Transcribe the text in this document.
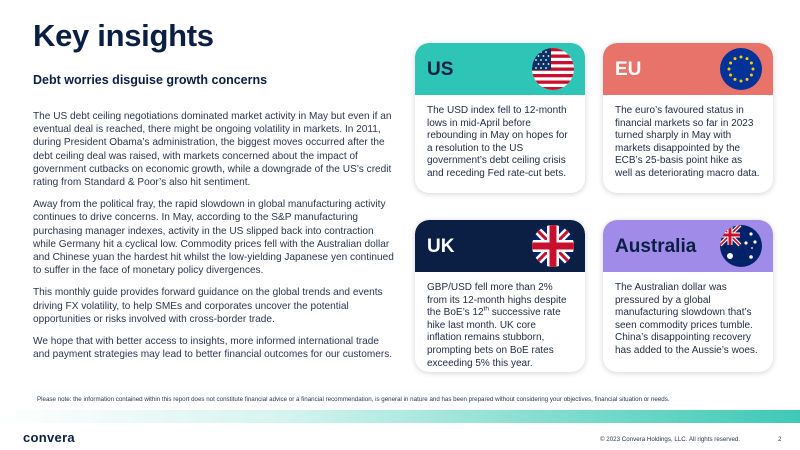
Key insights
Debt worries disguise growth concerns

The US debt ceiling negotiations dominated market activity in May but even if an eventual deal is reached, there might be ongoing volatility in markets. In 2011, during President Obama’s administration, the biggest moves occurred after the debt ceiling deal was raised, with markets concerned about the impact of government cutbacks on economic growth, while a downgrade of the US’s credit rating from Standard & Poor’s also hit sentiment.

Away from the political fray, the rapid slowdown in global manufacturing activity continues to drive concerns. In May, according to the S&P manufacturing purchasing manager indexes, activity in the US slipped back into contraction while Germany hit a cyclical low. Commodity prices fell with the Australian dollar and Chinese yuan the hardest hit whilst the low-yielding Japanese yen continued to suffer in the face of monetary policy divergences.

This monthly guide provides forward guidance on the global trends and events driving FX volatility, to help SMEs and corporates uncover the potential opportunities or risks involved with cross-border trade.

We hope that with better access to insights, more informed international trade and payment strategies may lead to better financial outcomes for our customers.

US
The USD index fell to 12-month lows in mid-April before rebounding in May on hopes for a resolution to the US government’s debt ceiling crisis and receding Fed rate-cut bets.
EU
The euro’s favoured status in financial markets so far in 2023 turned sharply in May with markets disappointed by the ECB’s 25-basis point hike as well as deteriorating macro data.
UK
GBP/USD fell more than 2% from its 12-month highs despite the BoE’s 12th successive rate hike last month. UK core inflation remains stubborn, prompting bets on BoE rates exceeding 5% this year.
Australia
The Australian dollar was pressured by a global manufacturing slowdown that’s seen commodity prices tumble. China’s disappointing recovery has added to the Aussie’s woes.
Please note: the information contained within this report does not constitute financial advice or a financial recommendation, is general in nature and has been prepared without considering your objectives, financial situation or needs.
convera	© 2023 Convera Holdings, LLC. All rights reserved.	2
